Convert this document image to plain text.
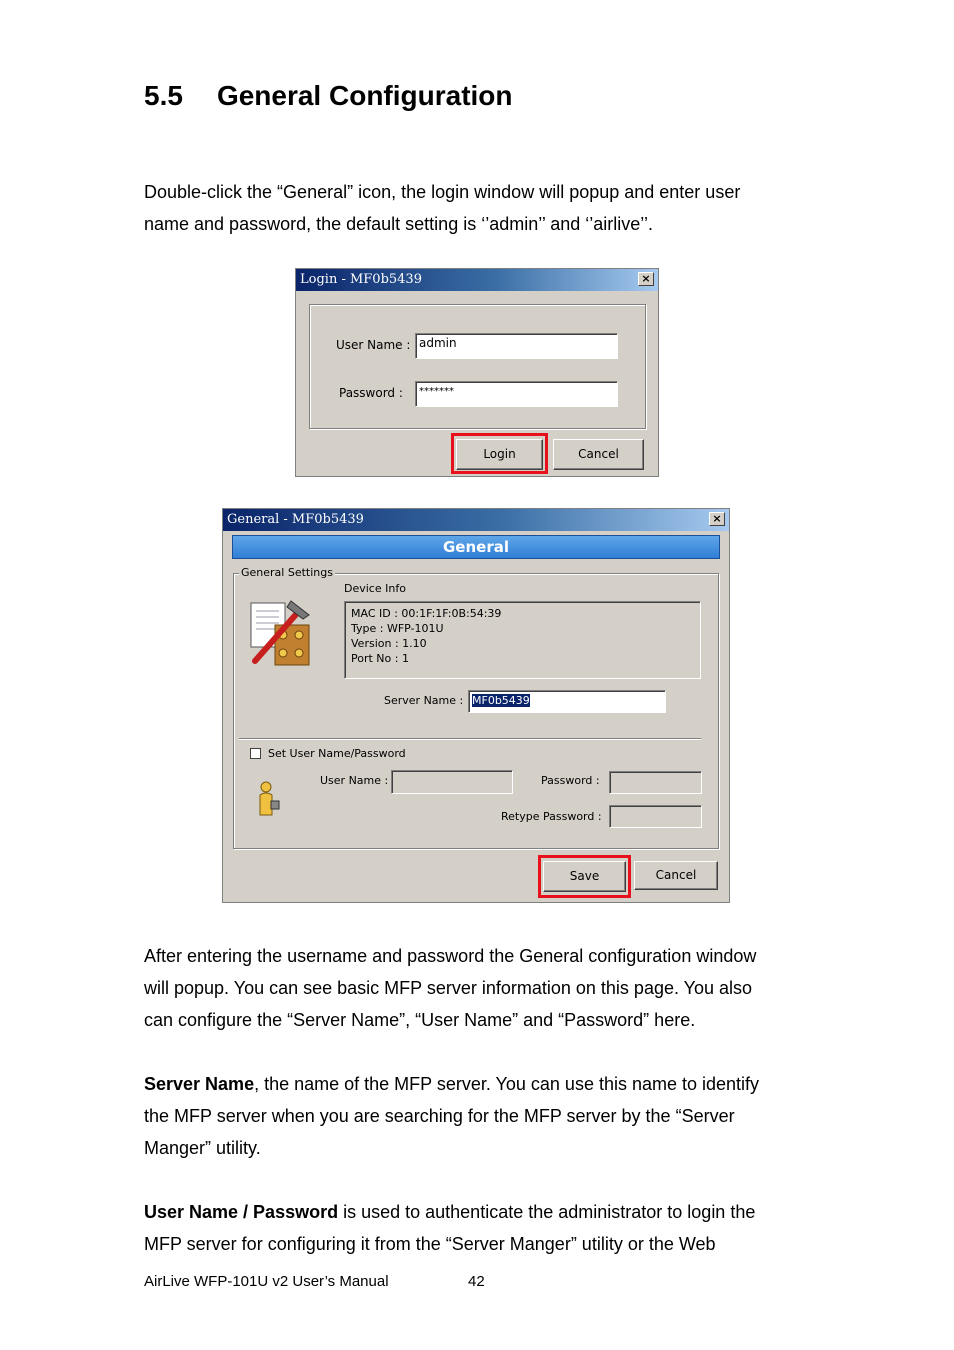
5.5 General Configuration

Double-click the “General” icon, the login window will popup and enter user

name and password, the default setting is ‘’admin’’ and ‘’airlive’’.

Login - MF0b5439	×
User Name : admin
Password :	*******
Login	Cancel
General - MF0b5439	×
General
General Settings
Device Info
MAC ID : 00:1F:1F:0B:54:39
Type : WFP-101U
Version : 1.10
Port No : 1
Server Name : MF0b5439
Set User Name/Password
User Name :	Password :
Retype Password :
Save	Cancel

After entering the username and password the General configuration window

will popup. You can see basic MFP server information on this page. You also

can configure the “Server Name”, “User Name” and “Password” here.

Server Name, the name of the MFP server. You can use this name to identify

the MFP server when you are searching for the MFP server by the “Server

Manger” utility.

User Name / Password is used to authenticate the administrator to login the

MFP server for configuring it from the “Server Manger” utility or the Web

AirLive WFP-101U v2 User’s Manual	42
